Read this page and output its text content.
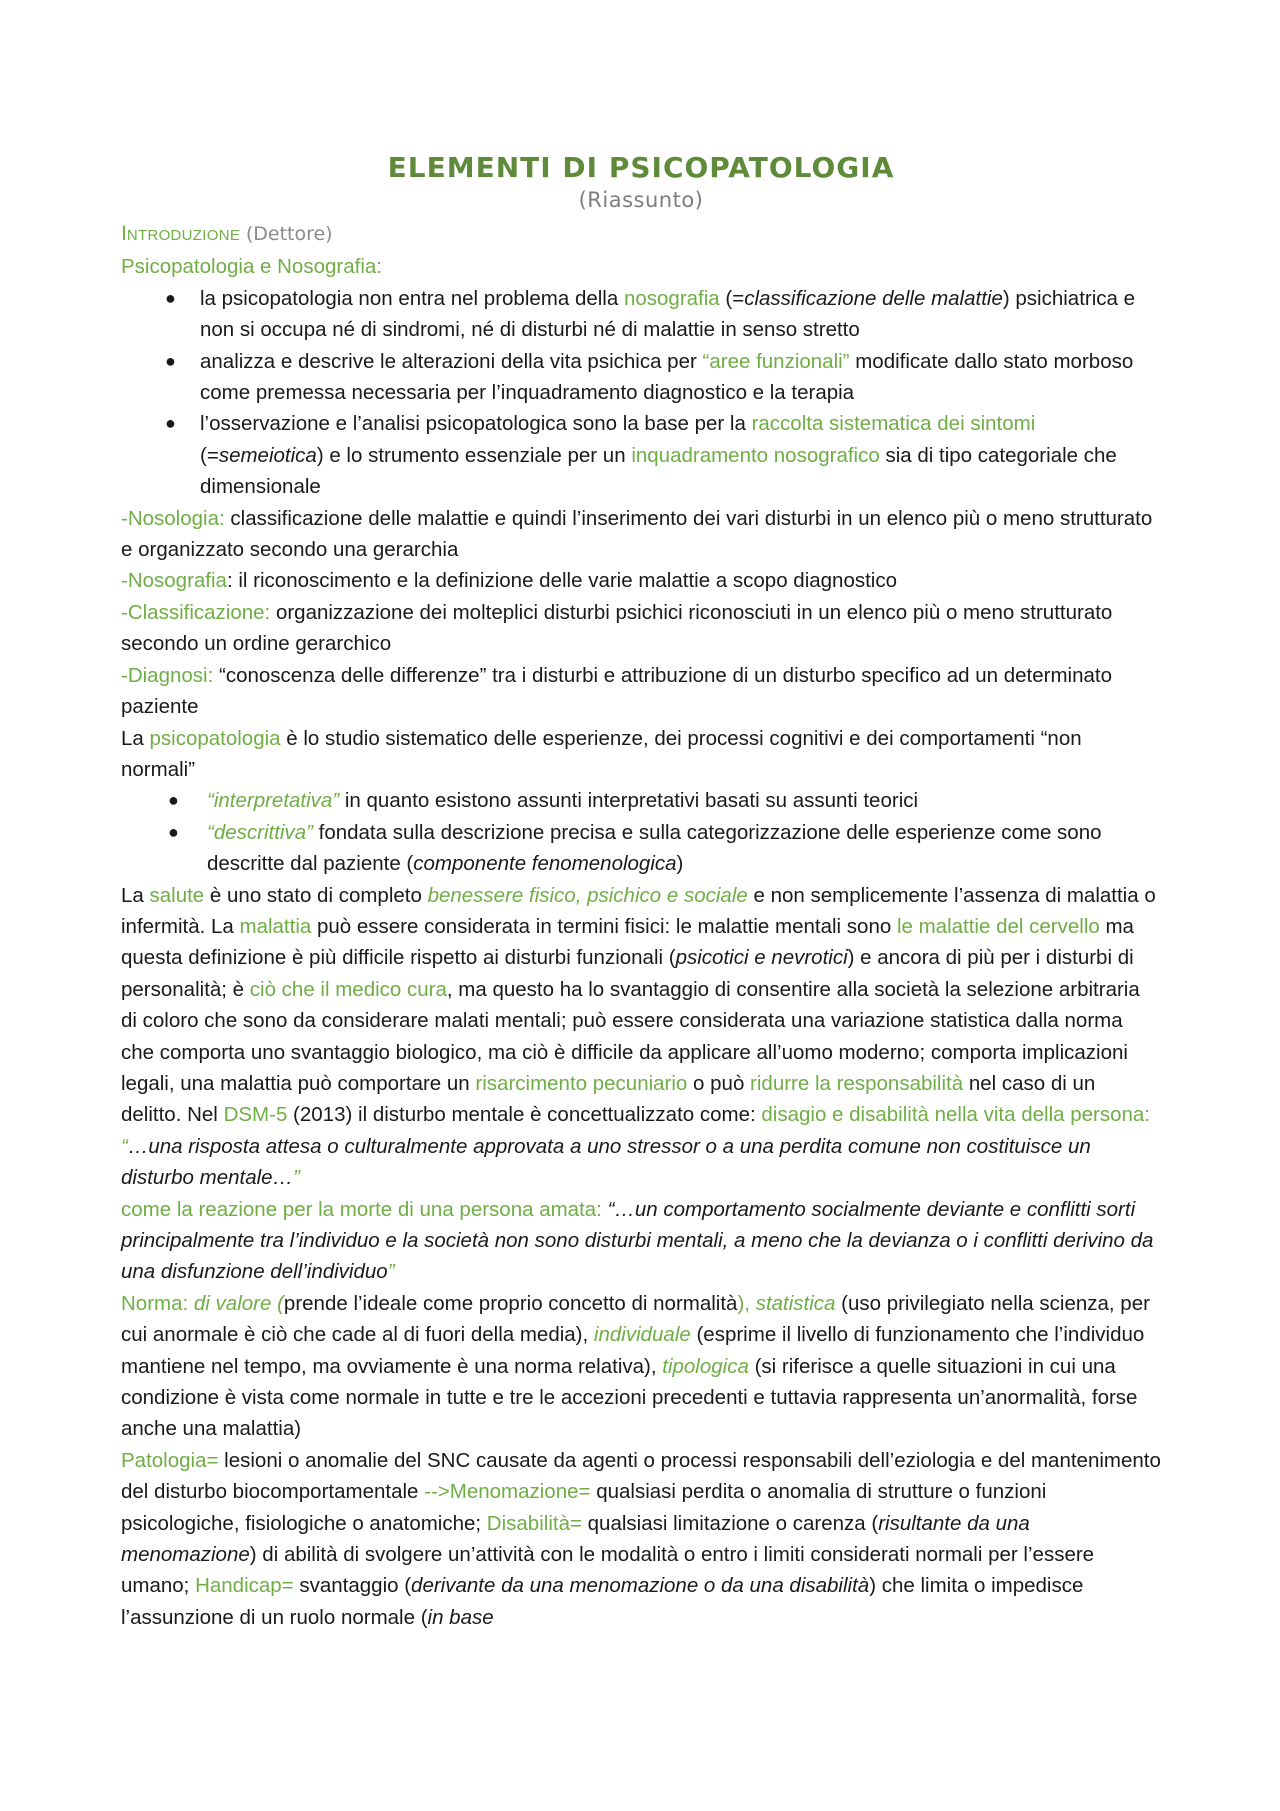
ELEMENTI DI PSICOPATOLOGIA

(Riassunto)

INTRODUZIONE (Dettore)

Psicopatologia e Nosografia:

● la psicopatologia non entra nel problema della nosografia (=classificazione delle malattie) psichiatrica e non si occupa né di sindromi, né di disturbi né di malattie in senso stretto
● analizza e descrive le alterazioni della vita psichica per “aree funzionali” modificate dallo stato morboso come premessa necessaria per l’inquadramento diagnostico e la terapia
● l’osservazione e l’analisi psicopatologica sono la base per la raccolta sistematica dei sintomi (=semeiotica) e lo strumento essenziale per un inquadramento nosografico sia di tipo categoriale che dimensionale

-Nosologia: classificazione delle malattie e quindi l’inserimento dei vari disturbi in un elenco più o meno strutturato e organizzato secondo una gerarchia

-Nosografia: il riconoscimento e la definizione delle varie malattie a scopo diagnostico

-Classificazione: organizzazione dei molteplici disturbi psichici riconosciuti in un elenco più o meno strutturato secondo un ordine gerarchico

-Diagnosi: “conoscenza delle differenze” tra i disturbi e attribuzione di un disturbo specifico ad un determinato paziente

La psicopatologia è lo studio sistematico delle esperienze, dei processi cognitivi e dei comportamenti “non normali”

● “interpretativa” in quanto esistono assunti interpretativi basati su assunti teorici
● “descrittiva” fondata sulla descrizione precisa e sulla categorizzazione delle esperienze come sono descritte dal paziente (componente fenomenologica)

La salute è uno stato di completo benessere fisico, psichico e sociale e non semplicemente l’assenza di malattia o infermità. La malattia può essere considerata in termini fisici: le malattie mentali sono le malattie del cervello ma questa definizione è più difficile rispetto ai disturbi funzionali (psicotici e nevrotici) e ancora di più per i disturbi di personalità; è ciò che il medico cura, ma questo ha lo svantaggio di consentire alla società la selezione arbitraria di coloro che sono da considerare malati mentali; può essere considerata una variazione statistica dalla norma che comporta uno svantaggio biologico, ma ciò è difficile da applicare all’uomo moderno; comporta implicazioni legali, una malattia può comportare un risarcimento pecuniario o può ridurre la responsabilità nel caso di un delitto. Nel DSM-5 (2013) il disturbo mentale è concettualizzato come: disagio e disabilità nella vita della persona: “…una risposta attesa o culturalmente approvata a uno stressor o a una perdita comune non costituisce un disturbo mentale…”

come la reazione per la morte di una persona amata: “…un comportamento socialmente deviante e conflitti sorti principalmente tra l’individuo e la società non sono disturbi mentali, a meno che la devianza o i conflitti derivino da una disfunzione dell’individuo”

Norma: di valore (prende l’ideale come proprio concetto di normalità), statistica (uso privilegiato nella scienza, per cui anormale è ciò che cade al di fuori della media), individuale (esprime il livello di funzionamento che l’individuo mantiene nel tempo, ma ovviamente è una norma relativa), tipologica (si riferisce a quelle situazioni in cui una condizione è vista come normale in tutte e tre le accezioni precedenti e tuttavia rappresenta un’anormalità, forse anche una malattia)

Patologia= lesioni o anomalie del SNC causate da agenti o processi responsabili dell’eziologia e del mantenimento del disturbo biocomportamentale -->Menomazione= qualsiasi perdita o anomalia di strutture o funzioni psicologiche, fisiologiche o anatomiche; Disabilità= qualsiasi limitazione o carenza (risultante da una menomazione) di abilità di svolgere un’attività con le modalità o entro i limiti considerati normali per l’essere umano; Handicap= svantaggio (derivante da una menomazione o da una disabilità) che limita o impedisce l’assunzione di un ruolo normale (in base
